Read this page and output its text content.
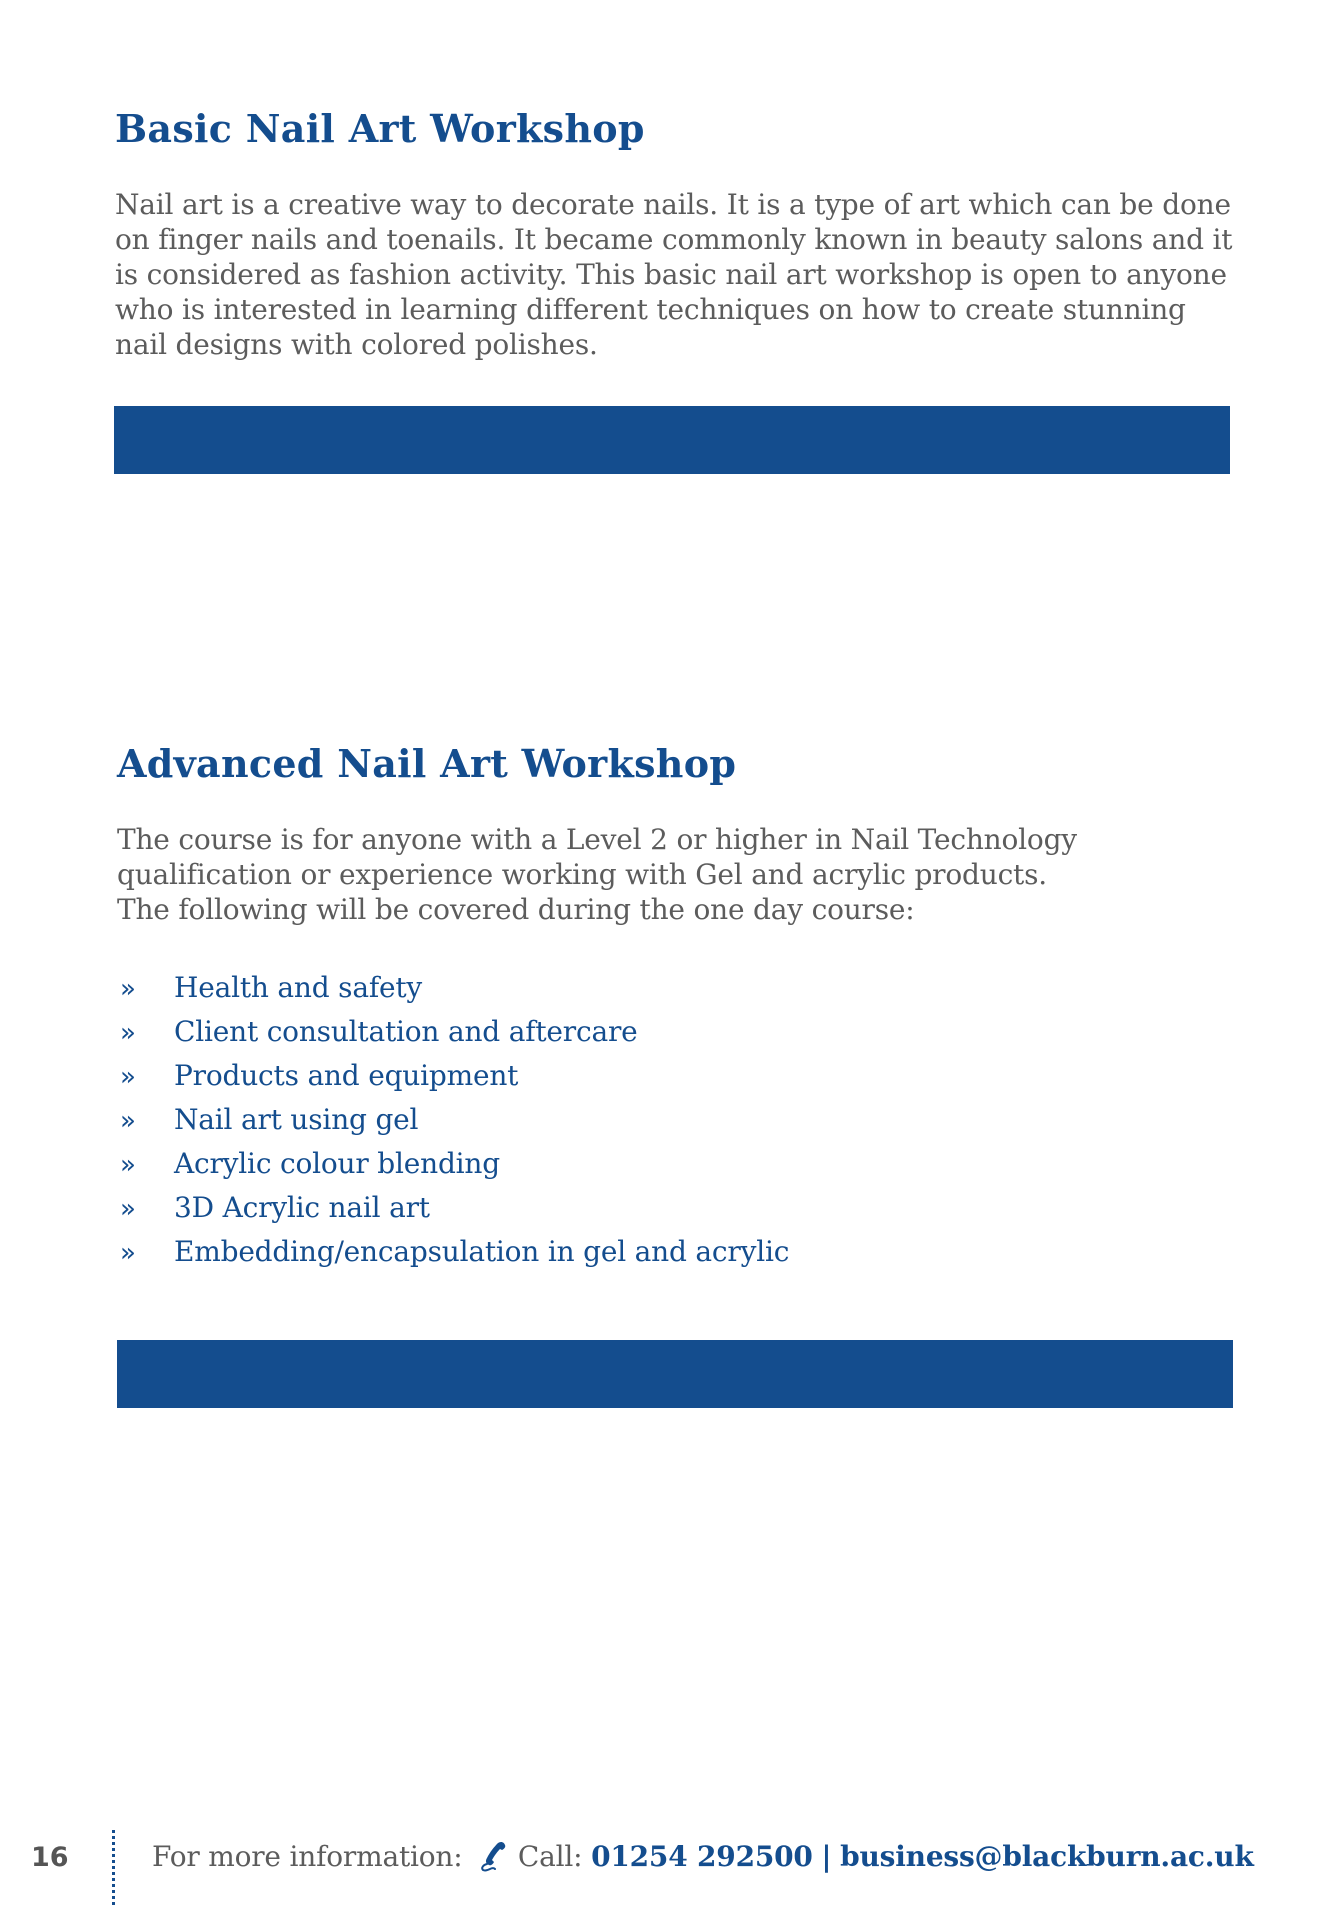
Basic Nail Art Workshop
Nail art is a creative way to decorate nails. It is a type of art which can be done
on finger nails and toenails. It became commonly known in beauty salons and it
is considered as fashion activity. This basic nail art workshop is open to anyone
who is interested in learning different techniques on how to create stunning
nail designs with colored polishes.

Cost: £40 per person  | 1 day

Advanced Nail Art Workshop
The course is for anyone with a Level 2 or higher in Nail Technology
qualification or experience working with Gel and acrylic products.
The following will be covered during the one day course:
» Health and safety
» Client consultation and aftercare
» Products and equipment
» Nail art using gel
» Acrylic colour blending
» 3D Acrylic nail art
» Embedding/encapsulation in gel and acrylic

Cost: £45 per person  |  1 day

16	For more information: Call: 01254 292500 | business@blackburn.ac.uk
